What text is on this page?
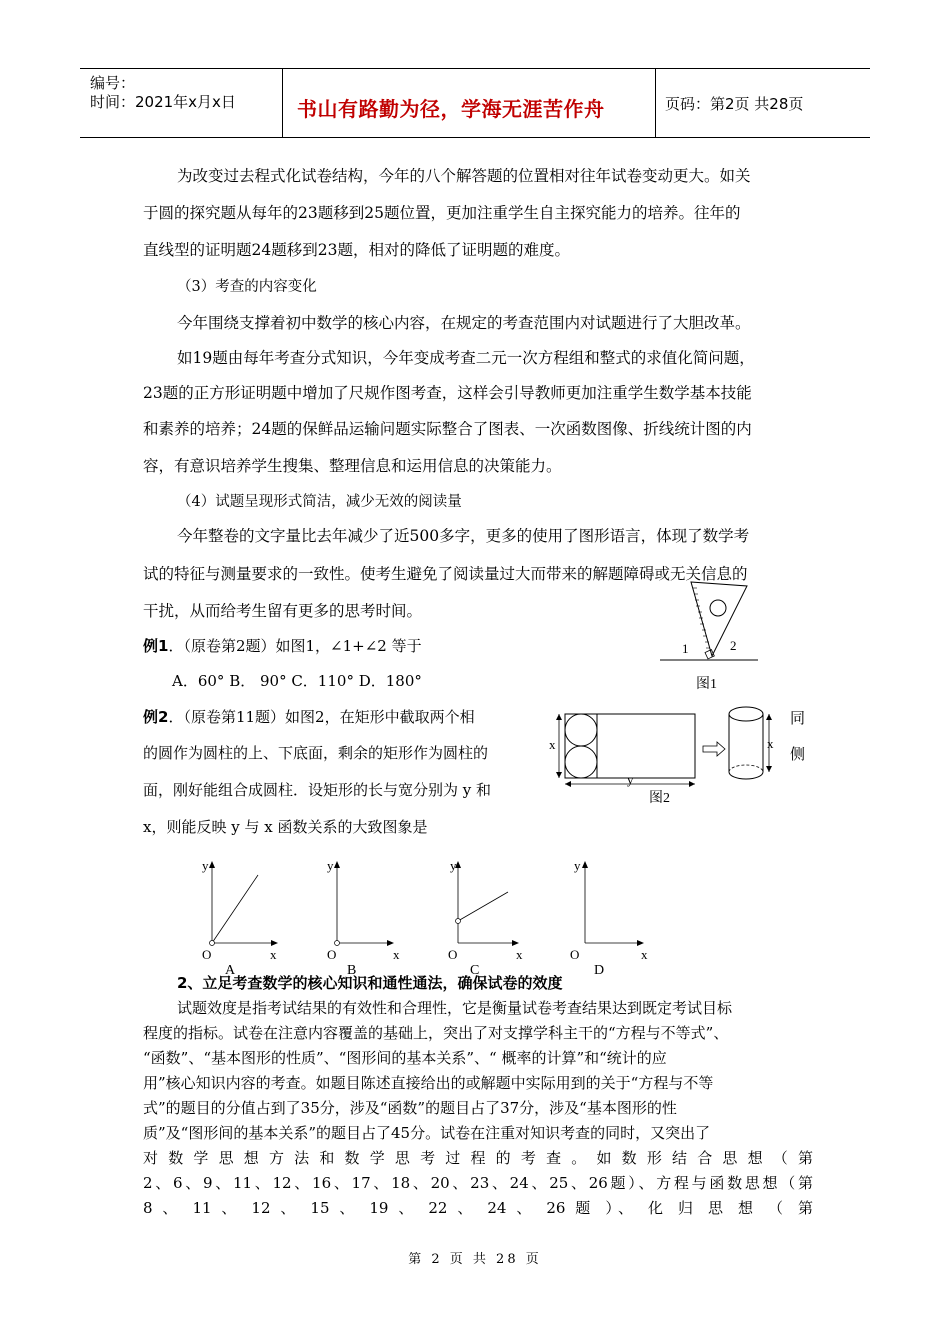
编号：
时间：2021年x月x日	书山有路勤为径，学海无涯苦作舟	页码：第2页 共28页
为改变过去程式化试卷结构，今年的八个解答题的位置相对往年试卷变动更大。如关
于圆的探究题从每年的23题移到25题位置，更加注重学生自主探究能力的培养。往年的
直线型的证明题24题移到23题，相对的降低了证明题的难度。
（3）考查的内容变化
今年围绕支撑着初中数学的核心内容，在规定的考查范围内对试题进行了大胆改革。
如19题由每年考查分式知识，今年变成考查二元一次方程组和整式的求值化简问题，
23题的正方形证明题中增加了尺规作图考查，这样会引导教师更加注重学生数学基本技能
和素养的培养；24题的保鲜品运输问题实际整合了图表、一次函数图像、折线统计图的内
容，有意识培养学生搜集、整理信息和运用信息的决策能力。
（4）试题呈现形式简洁，减少无效的阅读量
今年整卷的文字量比去年减少了近500多字，更多的使用了图形语言，体现了数学考
试的特征与测量要求的一致性。使考生避免了阅读量过大而带来的解题障碍或无关信息的
干扰，从而给考生留有更多的思考时间。
例1．（原卷第2题）如图1，∠1+∠2 等于
A．60° B． 90° C．110° D．180°
1	2
图1
例2．（原卷第11题）如图2，在矩形中截取两个相
的圆作为圆柱的上、下底面，剩余的矩形作为圆柱的
面，刚好能组合成圆柱．设矩形的长与宽分别为 y 和
x，则能反映 y 与 x 函数关系的大致图象是
同
侧
x
y
x
图2
y
x
O
A
y
x
O
B
y
x
O
C
y
x
O
D
2、立足考查数学的核心知识和通性通法，确保试卷的效度
试题效度是指考试结果的有效性和合理性，它是衡量试卷考查结果达到既定考试目标
程度的指标。试卷在注意内容覆盖的基础上，突出了对支撑学科主干的“方程与不等式”、
“函数”、“基本图形的性质”、“图形间的基本关系”、“ 概率的计算”和“统计的应
用”核心知识内容的考查。如题目陈述直接给出的或解题中实际用到的关于“方程与不等
式”的题目的分值占到了35分，涉及“函数”的题目占了37分，涉及“基本图形的性
质”及“图形间的基本关系”的题目占了45分。试卷在注重对知识考查的同时，又突出了
对数学思想方法和数学思考过程的考查。如数形结合思想（第
2、6、9、11、12、16、17、18、20、23、24、25、26题）、方程与函数思想（第
8 、 11 、 12 、 15 、 19 、 22 、 24 、 26 题 ）、 化 归 思 想 （ 第
第 2 页 共 28 页
